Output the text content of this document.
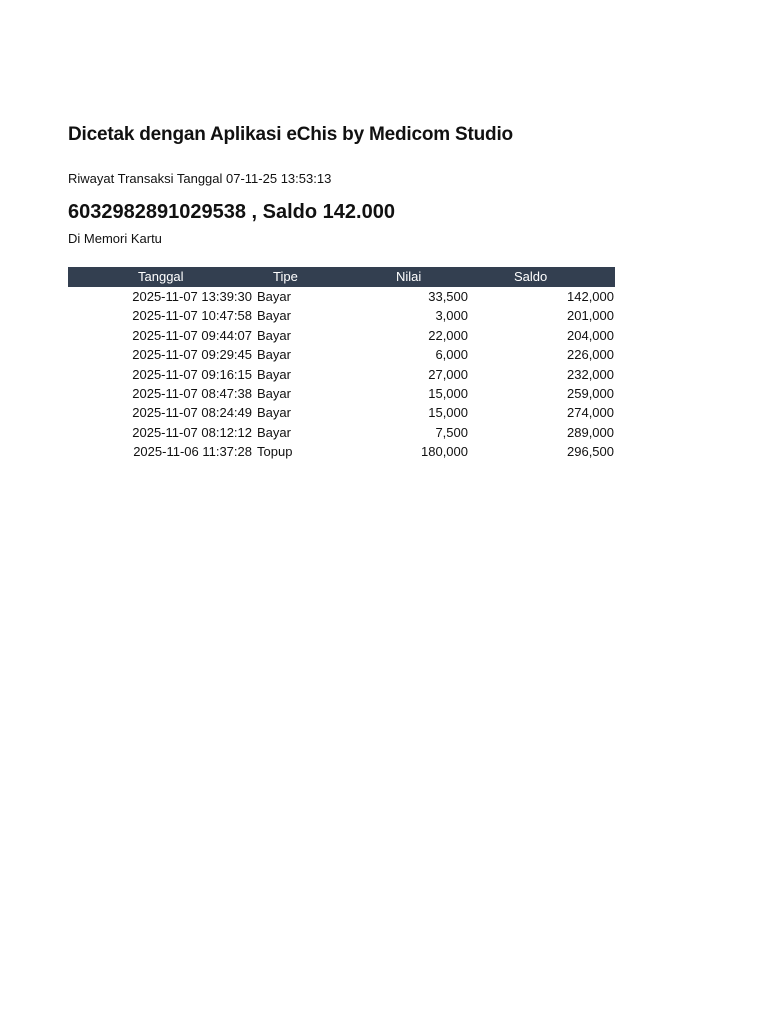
Dicetak dengan Aplikasi eChis by Medicom Studio
Riwayat Transaksi Tanggal 07-11-25 13:53:13
6032982891029538 , Saldo 142.000
Di Memori Kartu
Tanggal	Tipe	Nilai	Saldo
2025-11-07 13:39:30	Bayar	33,500	142,000
2025-11-07 10:47:58	Bayar	3,000	201,000
2025-11-07 09:44:07	Bayar	22,000	204,000
2025-11-07 09:29:45	Bayar	6,000	226,000
2025-11-07 09:16:15	Bayar	27,000	232,000
2025-11-07 08:47:38	Bayar	15,000	259,000
2025-11-07 08:24:49	Bayar	15,000	274,000
2025-11-07 08:12:12	Bayar	7,500	289,000
2025-11-06 11:37:28	Topup	180,000	296,500
